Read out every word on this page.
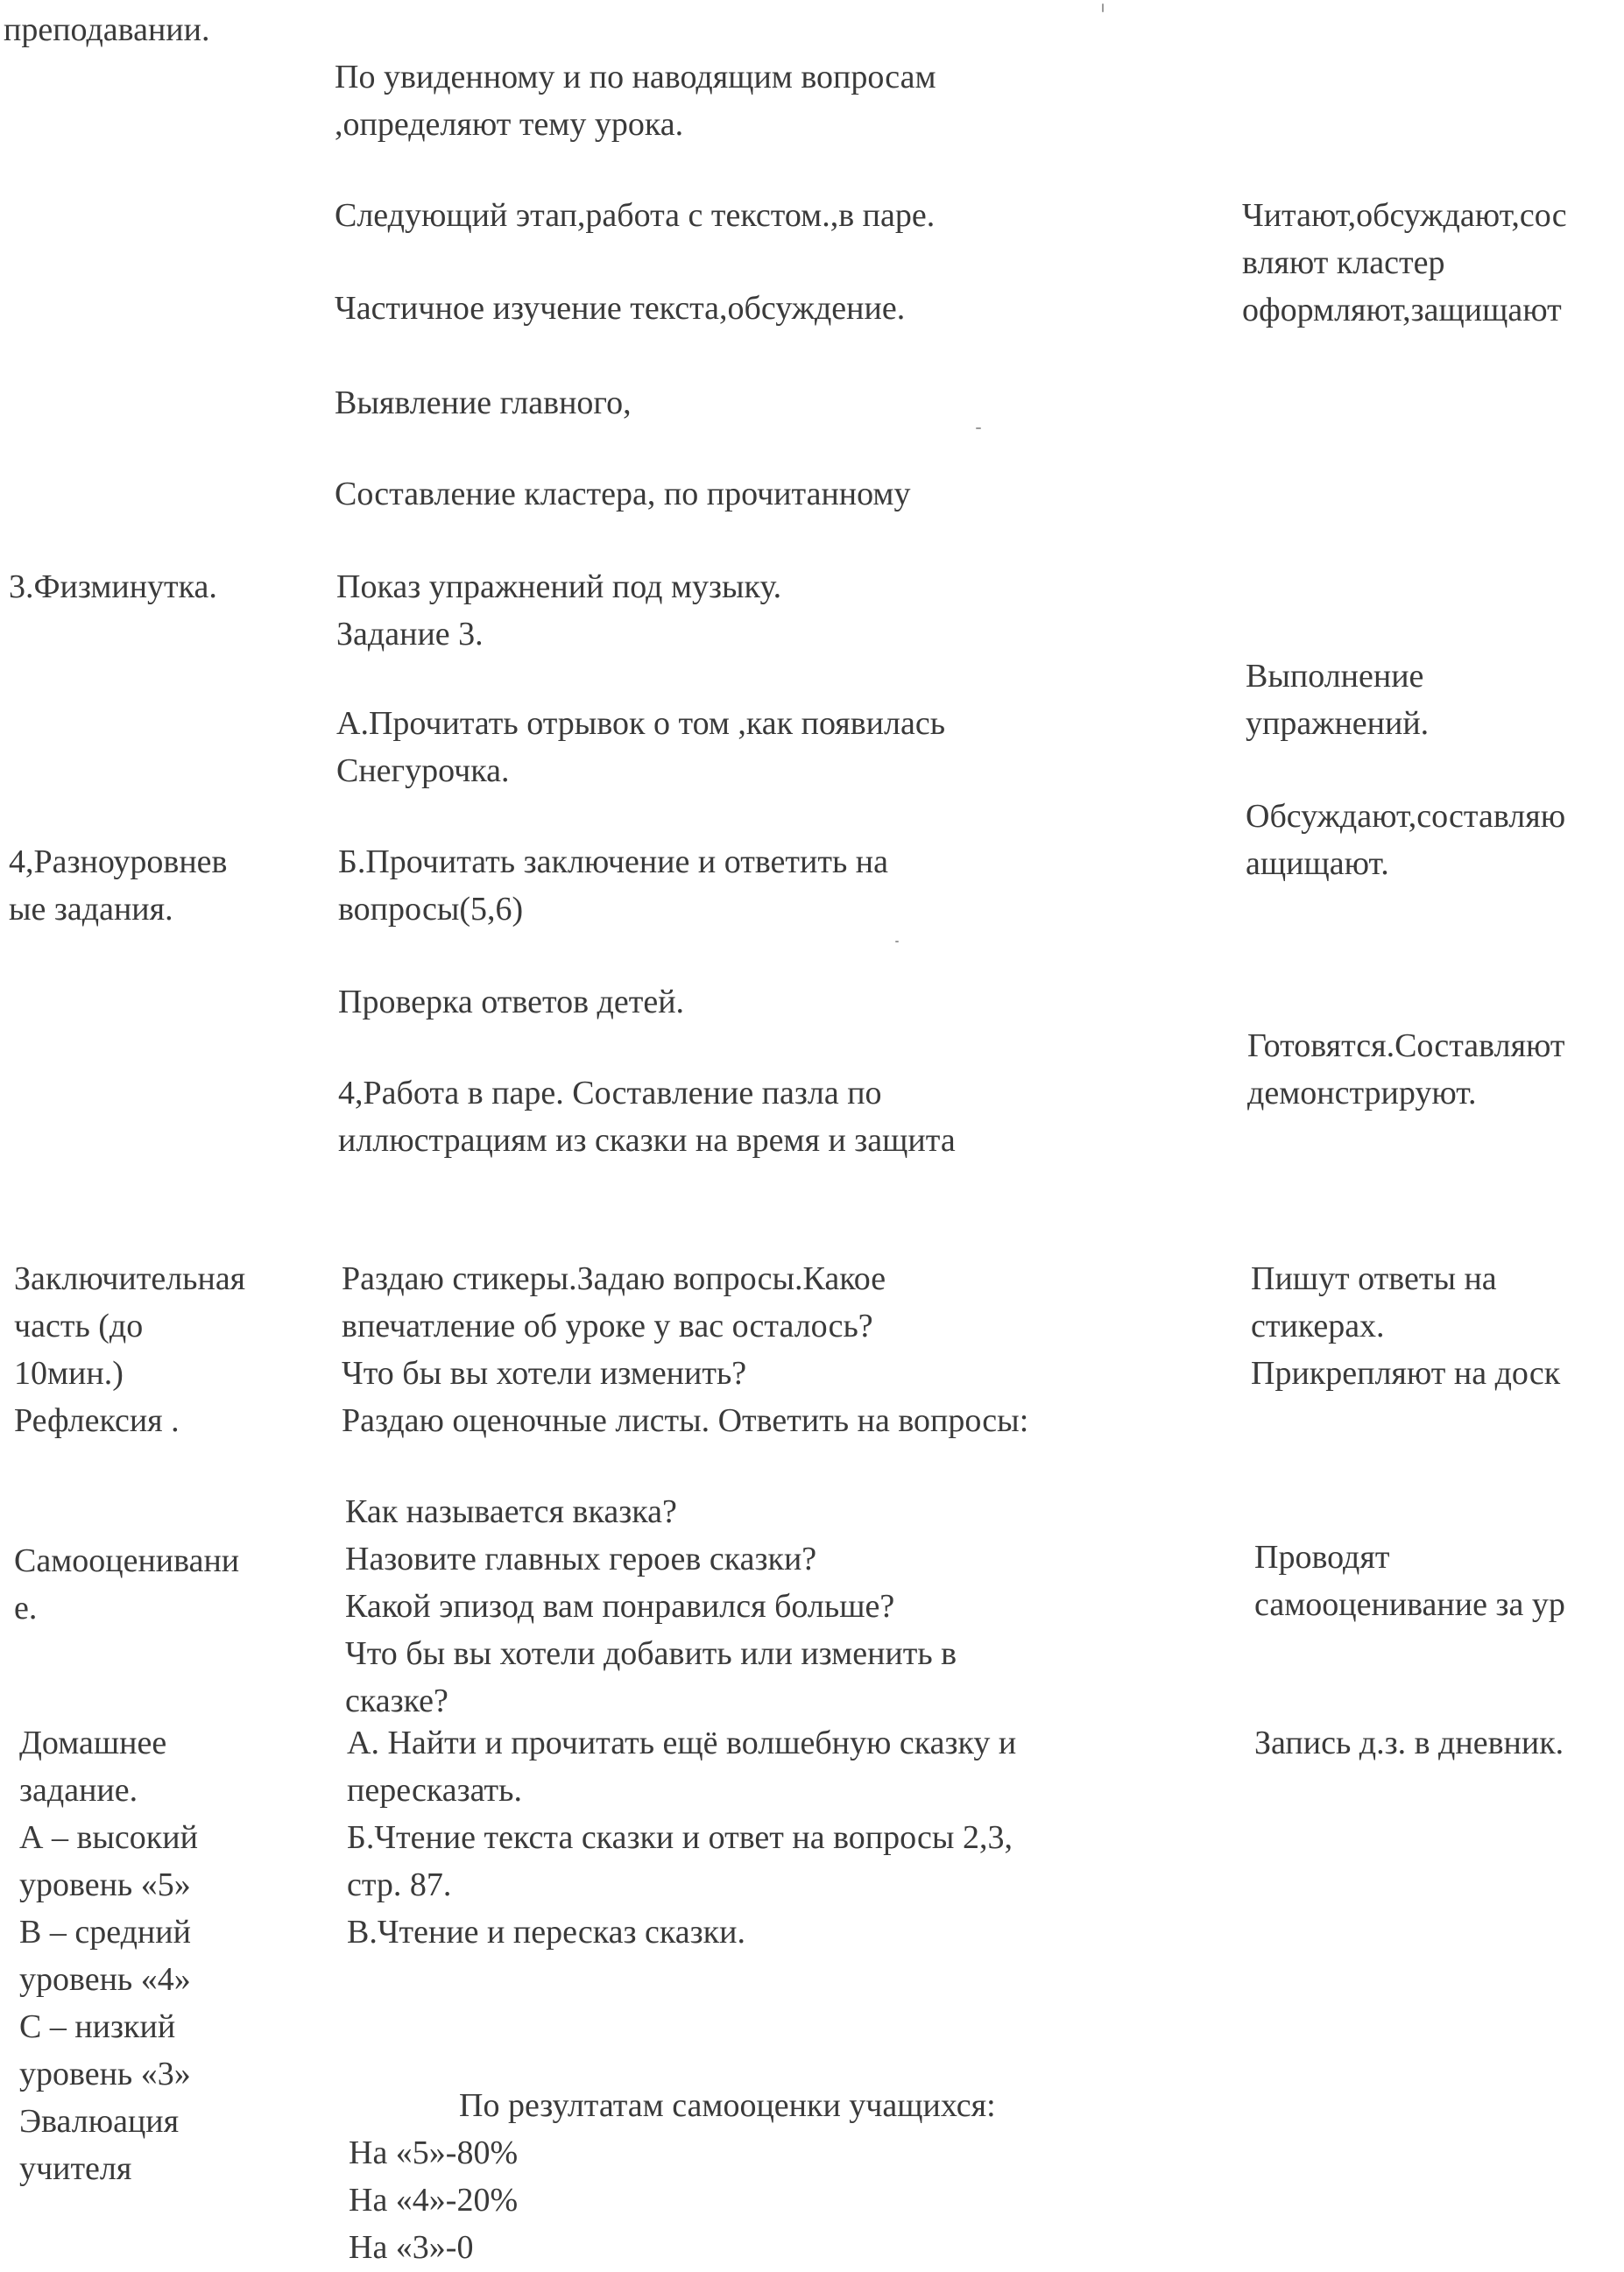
преподавании.
3.Физминутка.
4,Разноуровнев
ые задания.
Заключительная
часть (до
10мин.)
Рефлексия .
Самооценивани
е.
Домашнее
задание.
А – высокий
уровень «5»
В – средний
уровень «4»
С – низкий
уровень «3»
Эвалюация
учителя
По увиденному и по наводящим вопросам
,определяют тему урока.
Следующий этап,работа с текстом.,в паре.
Частичное изучение текста,обсуждение.
Выявление главного,
Составление кластера, по прочитанному
Показ упражнений под музыку.
Задание 3.
А.Прочитать отрывок о том ,как появилась
Снегурочка.
Б.Прочитать заключение и ответить на
вопросы(5,6)
Проверка ответов детей.
4,Работа в паре. Составление пазла по
иллюстрациям из сказки на время и защита
Раздаю стикеры.Задаю вопросы.Какое
впечатление об уроке у вас осталось?
Что бы вы хотели изменить?
Раздаю оценочные листы. Ответить на вопросы:
Как называется вказка?
Назовите главных героев сказки?
Какой эпизод вам понравился больше?
Что бы вы хотели добавить или изменить в
сказке?
А. Найти и прочитать ещё волшебную сказку и
пересказать.
Б.Чтение текста сказки и ответ на вопросы 2,3,
стр. 87.
В.Чтение и пересказ сказки.
По резултатам самооценки учащихся:
На «5»-80%
На «4»-20%
На «3»-0
Читают,обсуждают,сос
вляют кластер
оформляют,защищают
Выполнение
упражнений.
Обсуждают,составляю
ащищают.
Готовятся.Составляют
демонстрируют.
Пишут ответы на
стикерах.
Прикрепляют на доск
Проводят
самооценивание за ур
Запись д.з. в дневник.
